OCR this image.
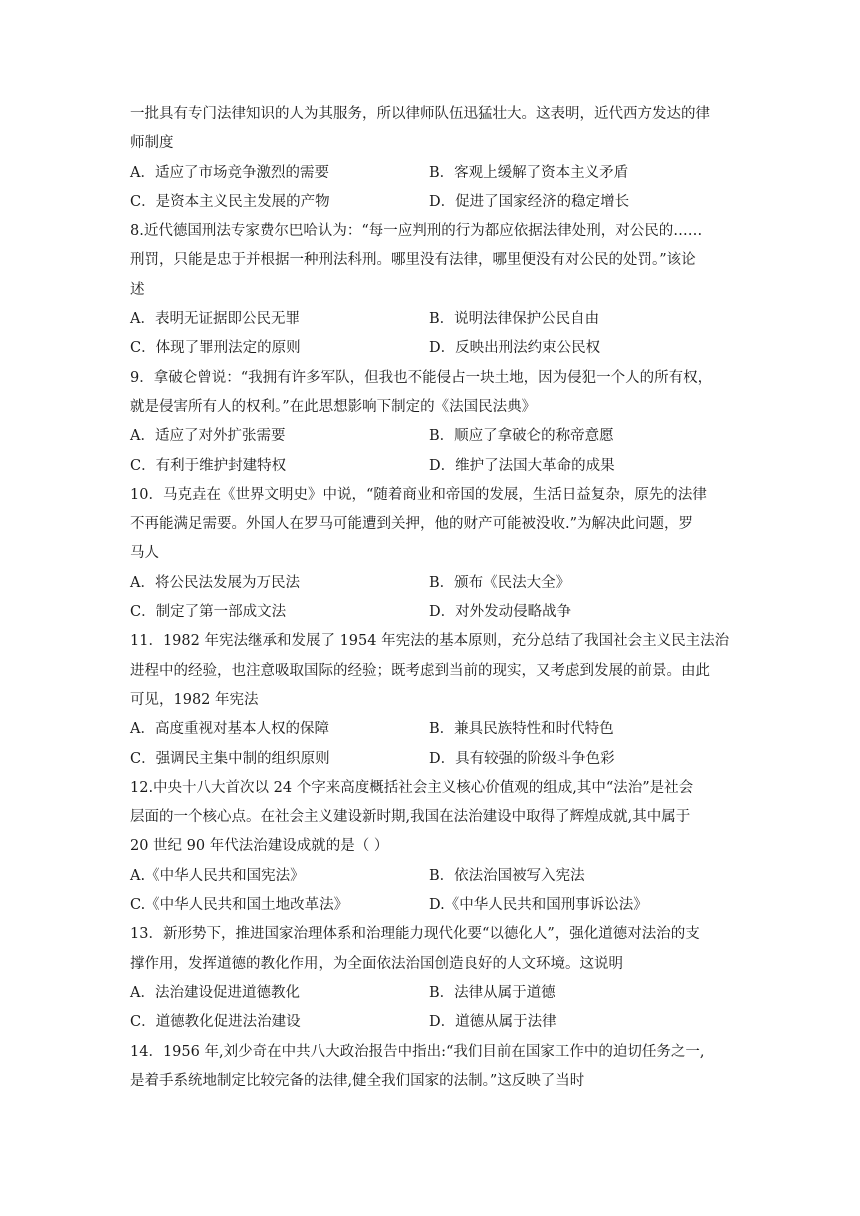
一批具有专门法律知识的人为其服务，所以律师队伍迅猛壮大。这表明，近代西方发达的律
师制度
A．适应了市场竞争激烈的需要	B．客观上缓解了资本主义矛盾
C．是资本主义民主发展的产物	D．促进了国家经济的稳定增长
8.近代德国刑法专家费尔巴哈认为：“每一应判刑的行为都应依据法律处刑，对公民的……
刑罚，只能是忠于并根据一种刑法科刑。哪里没有法律，哪里便没有对公民的处罚。”该论
述
A．表明无证据即公民无罪	B．说明法律保护公民自由
C．体现了罪刑法定的原则	D．反映出刑法约束公民权
9．拿破仑曾说：“我拥有许多军队，但我也不能侵占一块土地，因为侵犯一个人的所有权，
就是侵害所有人的权利。”在此思想影响下制定的《法国民法典》
A．适应了对外扩张需要	B．顺应了拿破仑的称帝意愿
C．有利于维护封建特权	D．维护了法国大革命的成果
10．马克垚在《世界文明史》中说，“随着商业和帝国的发展，生活日益复杂，原先的法律
不再能满足需要。外国人在罗马可能遭到关押，他的财产可能被没收.”为解决此问题，罗
马人
A．将公民法发展为万民法	B．颁布《民法大全》
C．制定了第一部成文法	D．对外发动侵略战争
11．1982 年宪法继承和发展了 1954 年宪法的基本原则，充分总结了我国社会主义民主法治
进程中的经验，也注意吸取国际的经验；既考虑到当前的现实，又考虑到发展的前景。由此
可见，1982 年宪法
A．高度重视对基本人权的保障	B．兼具民族特性和时代特色
C．强调民主集中制的组织原则	D．具有较强的阶级斗争色彩
12.中央十八大首次以 24 个字来高度概括社会主义核心价值观的组成,其中“法治”是社会
层面的一个核心点。在社会主义建设新时期,我国在法治建设中取得了辉煌成就,其中属于
20 世纪 90 年代法治建设成就的是（ ）
A.《中华人民共和国宪法》	B．依法治国被写入宪法
C.《中华人民共和国土地改革法》	D.《中华人民共和国刑事诉讼法》
13．新形势下，推进国家治理体系和治理能力现代化要“以德化人”，强化道德对法治的支
撑作用，发挥道德的教化作用，为全面依法治国创造良好的人文环境。这说明
A．法治建设促进道德教化	B．法律从属于道德
C．道德教化促进法治建设	D．道德从属于法律
14．1956 年,刘少奇在中共八大政治报告中指出:“我们目前在国家工作中的迫切任务之一,
是着手系统地制定比较完备的法律,健全我们国家的法制。”这反映了当时
